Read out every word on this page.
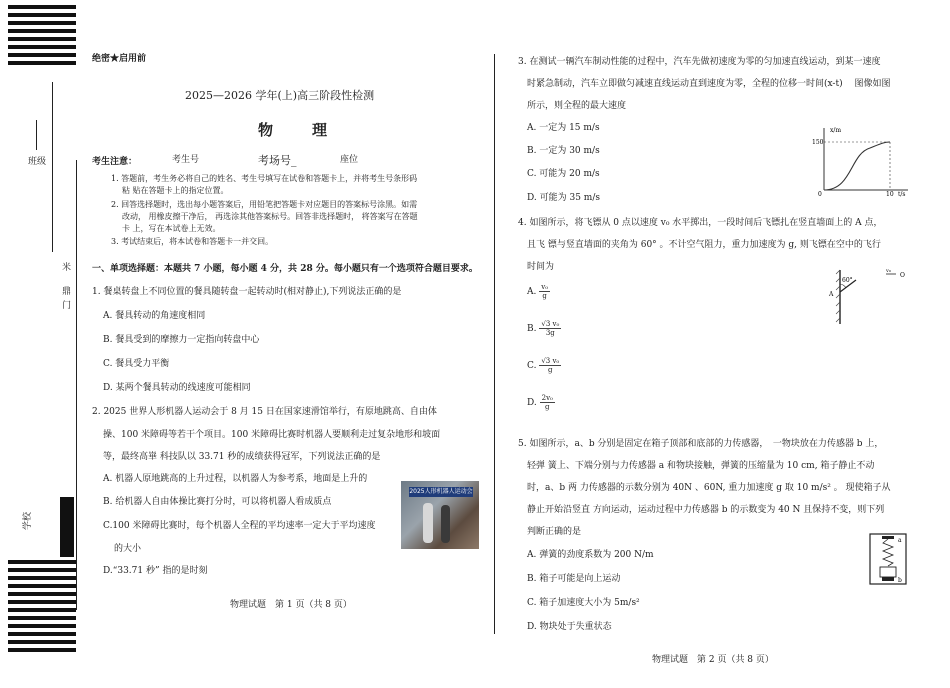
班级
米
鼎
门
学校
绝密★启用前
2025—2026 学年(上)高三阶段性检测
物　理
考生注意：	考生号	考场号_	座位
1. 答题前，考生务必将自己的姓名、考生号填写在试卷和答题卡上，并将考生号条形码
粘 贴在答题卡上的指定位置。
2. 回答选择题时，选出每小题答案后，用铅笔把答题卡对应题目的答案标号涂黑。如需
改动， 用橡皮擦干净后， 再选涂其他答案标号。回答非选择题时， 将答案写在答题
卡 上，写在本试卷上无效。
3. 考试结束后，将本试卷和答题卡一并交回。
一、单项选择题：本题共 7 小题，每小题 4 分，共 28 分。每小题只有一个选项符合题目要求。
1. 餐桌转盘上不同位置的餐具随转盘一起转动时(相对静止),下列说法正确的是
A. 餐具转动的角速度相同
B. 餐具受到的摩擦力一定指向转盘中心
C. 餐具受力平衡
D. 某两个餐具转动的线速度可能相同
2. 2025 世界人形机器人运动会于 8 月 15 日在国家速滑馆举行，有原地跳高、自由体
操、100 米障碍等若干个项目。100 米障碍比赛时机器人要顺利走过复杂地形和坡面
等，最终高崋 科技队以 33.71 秒的成绩获得冠军，下列说法正确的是
A. 机器人原地跳高的上升过程，以机器人为参考系，地面是上升的
B. 给机器人自由体操比赛打分时，可以将机器人看成质点
C.100 米障碍比赛时，每个机器人全程的平均速率一定大于平均速度
的大小
D.“33.71 秒” 指的是时刻
2025人形机器人运动会
物理试题　第 1 页（共 8 页）
3. 在测试一辆汽车制动性能的过程中，汽车先做初速度为零的匀加速直线运动，到某一速度
时紧急制动，汽车立即做匀减速直线运动直到速度为零，全程的位移一时间(x-t)　 图像如图
所示，则全程的最大速度
A. 一定为 15 m/s
B. 一定为 30 m/s
C. 可能为 20 m/s
D. 可能为 35 m/s
x/m
150
0	10 t/s
4. 如图所示，将飞镖从 0 点以速度 v₀ 水平掷出，一段时间后飞镖扎在竖直墙面上的 A 点，
且飞 镖与竖直墙面的夹角为 60° 。不计空气阻力，重力加速度为 g, 则飞镖在空中的飞行
时间为
A. $\frac{\text{v₀}}{g}$
B. $\frac{\text{√3 v₀}}{3g}$
C. $\frac{\text{√3 v₀}}{g}$
D. $\frac{\text{2v₀}}{g}$
60°
A
v₀
O
5. 如图所示，a、b 分别是固定在箱子顶部和底部的力传感器，　一物块放在力传感器 b 上，
轻弹 簧上、下端分别与力传感器 a 和物块接触，弹簧的压缩量为 10 cm, 箱子静止不动
时，a、b 两 力传感器的示数分别为 40N 、60N, 重力加速度 g 取 10 m/s² 。 现使箱子从
静止开始沿竖直 方向运动，运动过程中力传感器 b 的示数变为 40 N 且保持不变，则下列
判断正确的是
A. 弹簧的劲度系数为 200 N/m
B. 箱子可能是向上运动
C. 箱子加速度大小为 5m/s²
D. 物块处于失重状态
a
b
物理试题　第 2 页（共 8 页）
